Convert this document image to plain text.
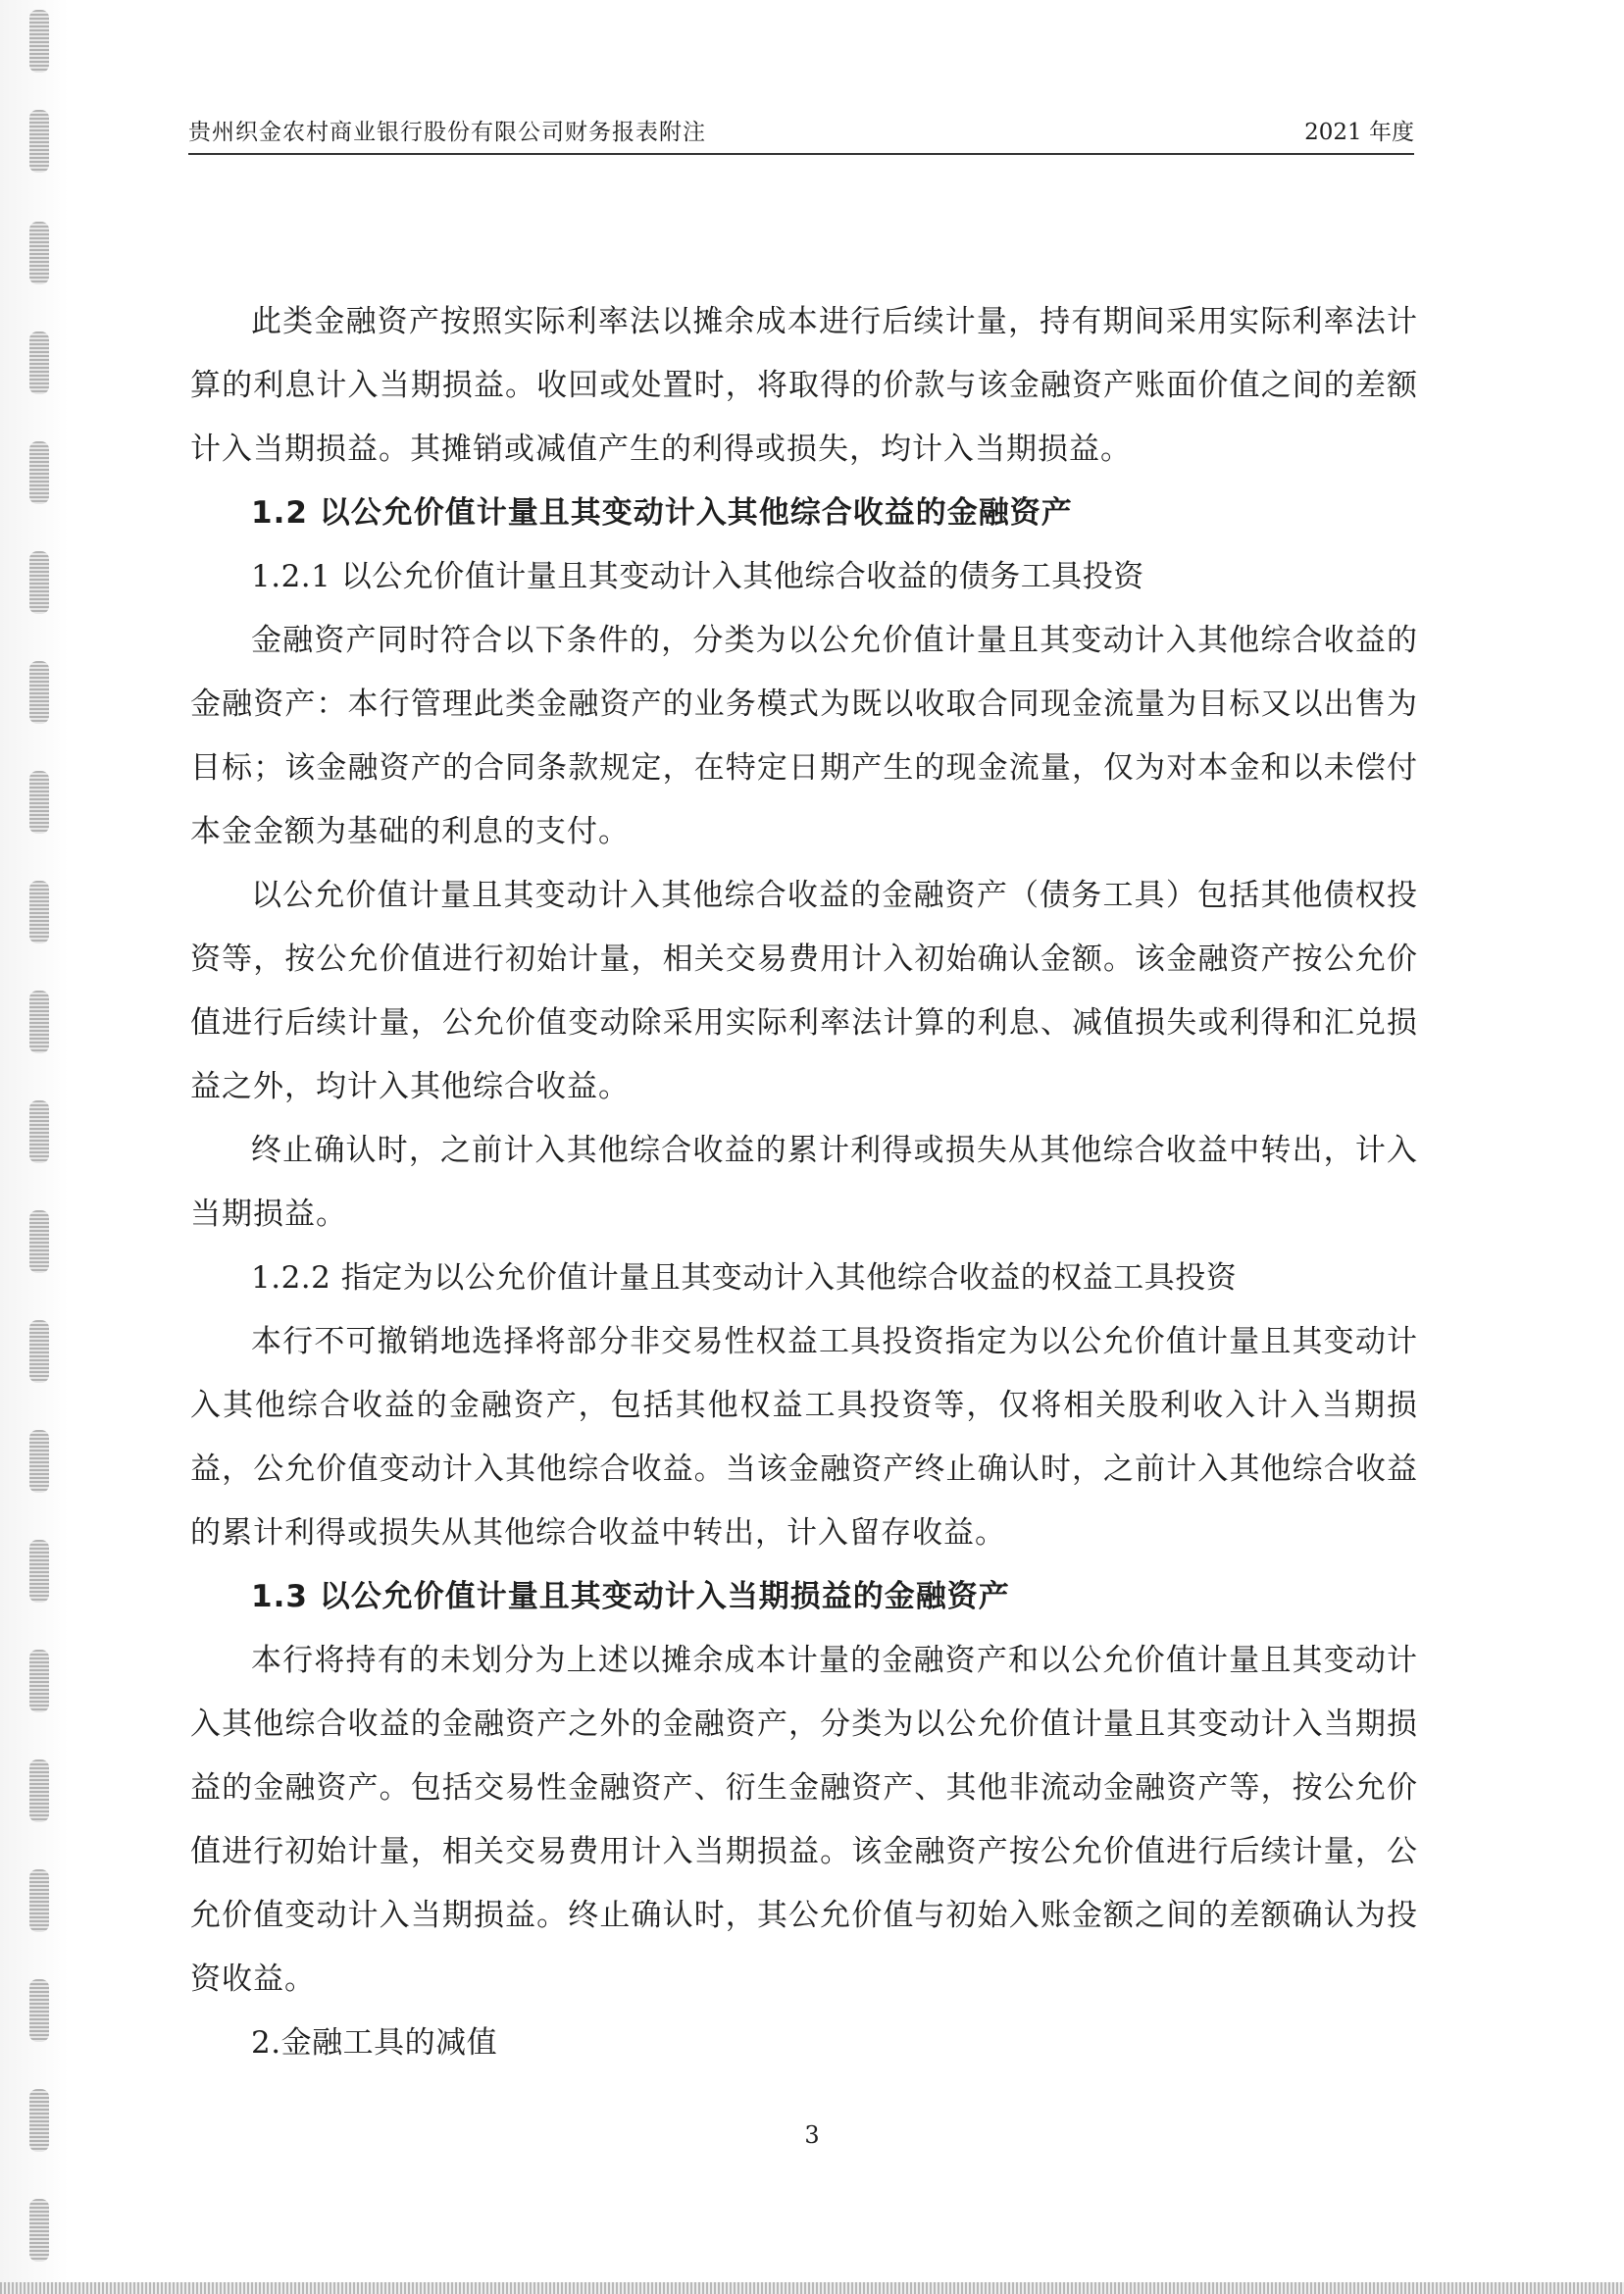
贵州织金农村商业银行股份有限公司财务报表附注	2021 年度

此类金融资产按照实际利率法以摊余成本进行后续计量，持有期间采用实际利率法计算的利息计入当期损益。收回或处置时，将取得的价款与该金融资产账面价值之间的差额计入当期损益。其摊销或减值产生的利得或损失，均计入当期损益。

1.2 以公允价值计量且其变动计入其他综合收益的金融资产

1.2.1 以公允价值计量且其变动计入其他综合收益的债务工具投资

金融资产同时符合以下条件的，分类为以公允价值计量且其变动计入其他综合收益的金融资产：本行管理此类金融资产的业务模式为既以收取合同现金流量为目标又以出售为目标；该金融资产的合同条款规定，在特定日期产生的现金流量，仅为对本金和以未偿付本金金额为基础的利息的支付。

以公允价值计量且其变动计入其他综合收益的金融资产（债务工具）包括其他债权投资等，按公允价值进行初始计量，相关交易费用计入初始确认金额。该金融资产按公允价值进行后续计量，公允价值变动除采用实际利率法计算的利息、减值损失或利得和汇兑损益之外，均计入其他综合收益。

终止确认时，之前计入其他综合收益的累计利得或损失从其他综合收益中转出，计入当期损益。

1.2.2 指定为以公允价值计量且其变动计入其他综合收益的权益工具投资

本行不可撤销地选择将部分非交易性权益工具投资指定为以公允价值计量且其变动计入其他综合收益的金融资产，包括其他权益工具投资等，仅将相关股利收入计入当期损益，公允价值变动计入其他综合收益。当该金融资产终止确认时，之前计入其他综合收益的累计利得或损失从其他综合收益中转出，计入留存收益。

1.3 以公允价值计量且其变动计入当期损益的金融资产

本行将持有的未划分为上述以摊余成本计量的金融资产和以公允价值计量且其变动计入其他综合收益的金融资产之外的金融资产，分类为以公允价值计量且其变动计入当期损益的金融资产。包括交易性金融资产、衍生金融资产、其他非流动金融资产等，按公允价值进行初始计量，相关交易费用计入当期损益。该金融资产按公允价值进行后续计量，公允价值变动计入当期损益。终止确认时，其公允价值与初始入账金额之间的差额确认为投资收益。

2.金融工具的减值

3
